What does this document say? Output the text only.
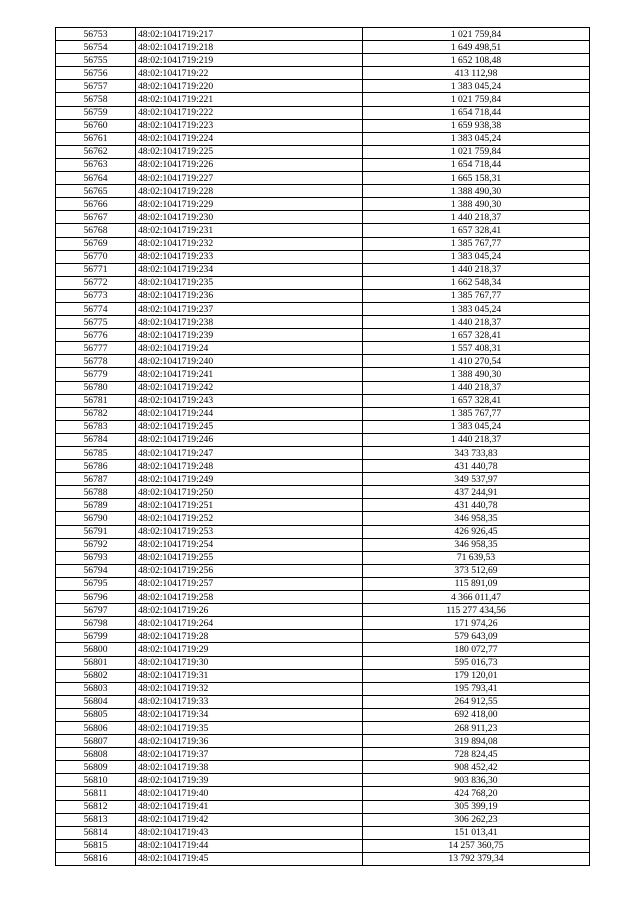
56753	48:02:1041719:217	1 021 759,84
56754	48:02:1041719:218	1 649 498,51
56755	48:02:1041719:219	1 652 108,48
56756	48:02:1041719:22	413 112,98
56757	48:02:1041719:220	1 383 045,24
56758	48:02:1041719:221	1 021 759,84
56759	48:02:1041719:222	1 654 718,44
56760	48:02:1041719:223	1 659 938,38
56761	48:02:1041719:224	1 383 045,24
56762	48:02:1041719:225	1 021 759,84
56763	48:02:1041719:226	1 654 718,44
56764	48:02:1041719:227	1 665 158,31
56765	48:02:1041719:228	1 388 490,30
56766	48:02:1041719:229	1 388 490,30
56767	48:02:1041719:230	1 440 218,37
56768	48:02:1041719:231	1 657 328,41
56769	48:02:1041719:232	1 385 767,77
56770	48:02:1041719:233	1 383 045,24
56771	48:02:1041719:234	1 440 218,37
56772	48:02:1041719:235	1 662 548,34
56773	48:02:1041719:236	1 385 767,77
56774	48:02:1041719:237	1 383 045,24
56775	48:02:1041719:238	1 440 218,37
56776	48:02:1041719:239	1 657 328,41
56777	48:02:1041719:24	1 557 408,31
56778	48:02:1041719:240	1 410 270,54
56779	48:02:1041719:241	1 388 490,30
56780	48:02:1041719:242	1 440 218,37
56781	48:02:1041719:243	1 657 328,41
56782	48:02:1041719:244	1 385 767,77
56783	48:02:1041719:245	1 383 045,24
56784	48:02:1041719:246	1 440 218,37
56785	48:02:1041719:247	343 733,83
56786	48:02:1041719:248	431 440,78
56787	48:02:1041719:249	349 537,97
56788	48:02:1041719:250	437 244,91
56789	48:02:1041719:251	431 440,78
56790	48:02:1041719:252	346 958,35
56791	48:02:1041719:253	426 926,45
56792	48:02:1041719:254	346 958,35
56793	48:02:1041719:255	71 639,53
56794	48:02:1041719:256	373 512,69
56795	48:02:1041719:257	115 891,09
56796	48:02:1041719:258	4 366 011,47
56797	48:02:1041719:26	115 277 434,56
56798	48:02:1041719:264	171 974,26
56799	48:02:1041719:28	579 643,09
56800	48:02:1041719:29	180 072,77
56801	48:02:1041719:30	595 016,73
56802	48:02:1041719:31	179 120,01
56803	48:02:1041719:32	195 793,41
56804	48:02:1041719:33	264 912,55
56805	48:02:1041719:34	692 418,00
56806	48:02:1041719:35	268 911,23
56807	48:02:1041719:36	319 894,08
56808	48:02:1041719:37	728 824,45
56809	48:02:1041719:38	908 452,42
56810	48:02:1041719:39	903 836,30
56811	48:02:1041719:40	424 768,20
56812	48:02:1041719:41	305 399,19
56813	48:02:1041719:42	306 262,23
56814	48:02:1041719:43	151 013,41
56815	48:02:1041719:44	14 257 360,75
56816	48:02:1041719:45	13 792 379,34
